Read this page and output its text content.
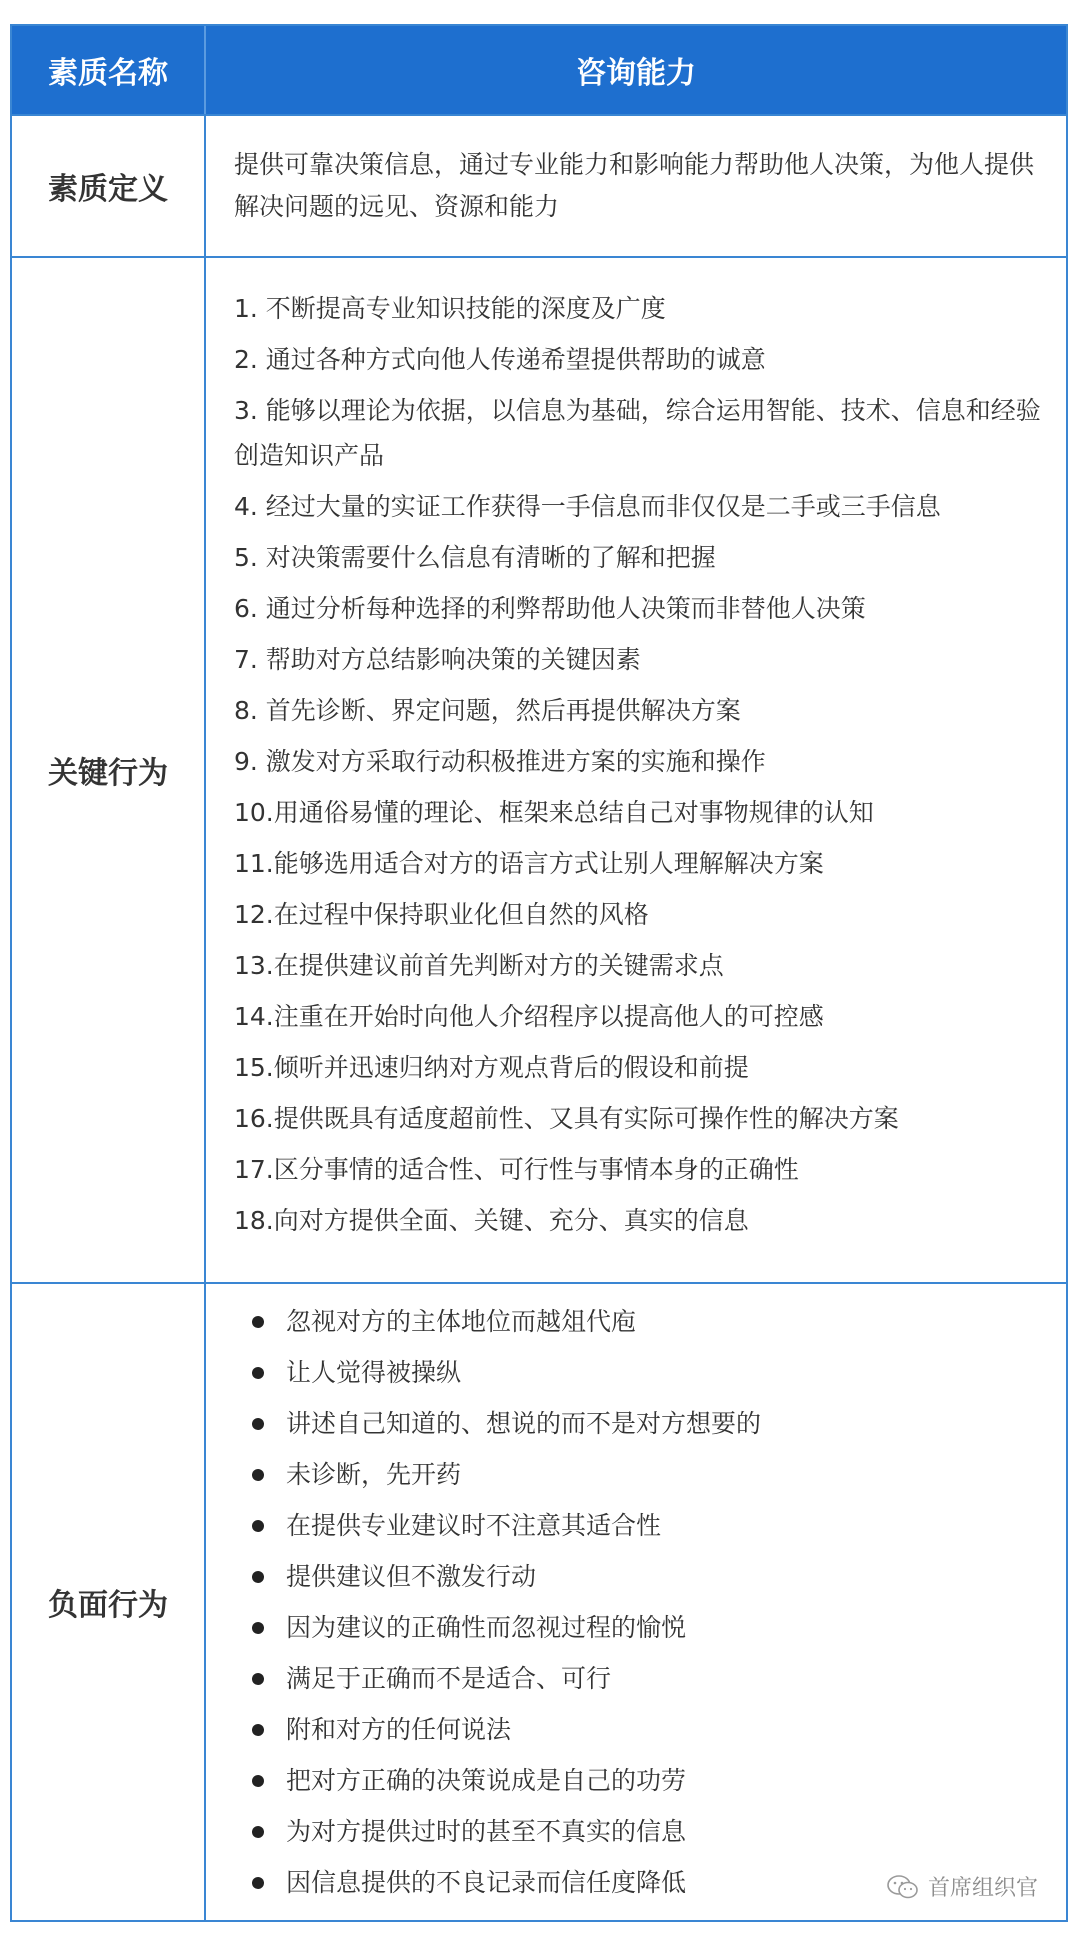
素质名称	咨询能力
素质定义
提供可靠决策信息，通过专业能力和影响能力帮助他人决策，为他人提供解决问题的远见、资源和能力
关键行为
1. 不断提高专业知识技能的深度及广度
2. 通过各种方式向他人传递希望提供帮助的诚意
3. 能够以理论为依据，以信息为基础，综合运用智能、技术、信息和经验创造知识产品
4. 经过大量的实证工作获得一手信息而非仅仅是二手或三手信息
5. 对决策需要什么信息有清晰的了解和把握
6. 通过分析每种选择的利弊帮助他人决策而非替他人决策
7. 帮助对方总结影响决策的关键因素
8. 首先诊断、界定问题，然后再提供解决方案
9. 激发对方采取行动积极推进方案的实施和操作
10.用通俗易懂的理论、框架来总结自己对事物规律的认知
11.能够选用适合对方的语言方式让别人理解解决方案
12.在过程中保持职业化但自然的风格
13.在提供建议前首先判断对方的关键需求点
14.注重在开始时向他人介绍程序以提高他人的可控感
15.倾听并迅速归纳对方观点背后的假设和前提
16.提供既具有适度超前性、又具有实际可操作性的解决方案
17.区分事情的适合性、可行性与事情本身的正确性
18.向对方提供全面、关键、充分、真实的信息
负面行为
忽视对方的主体地位而越俎代庖
让人觉得被操纵
讲述自己知道的、想说的而不是对方想要的
未诊断，先开药
在提供专业建议时不注意其适合性
提供建议但不激发行动
因为建议的正确性而忽视过程的愉悦
满足于正确而不是适合、可行
附和对方的任何说法
把对方正确的决策说成是自己的功劳
为对方提供过时的甚至不真实的信息
因信息提供的不良记录而信任度降低	首席组织官
